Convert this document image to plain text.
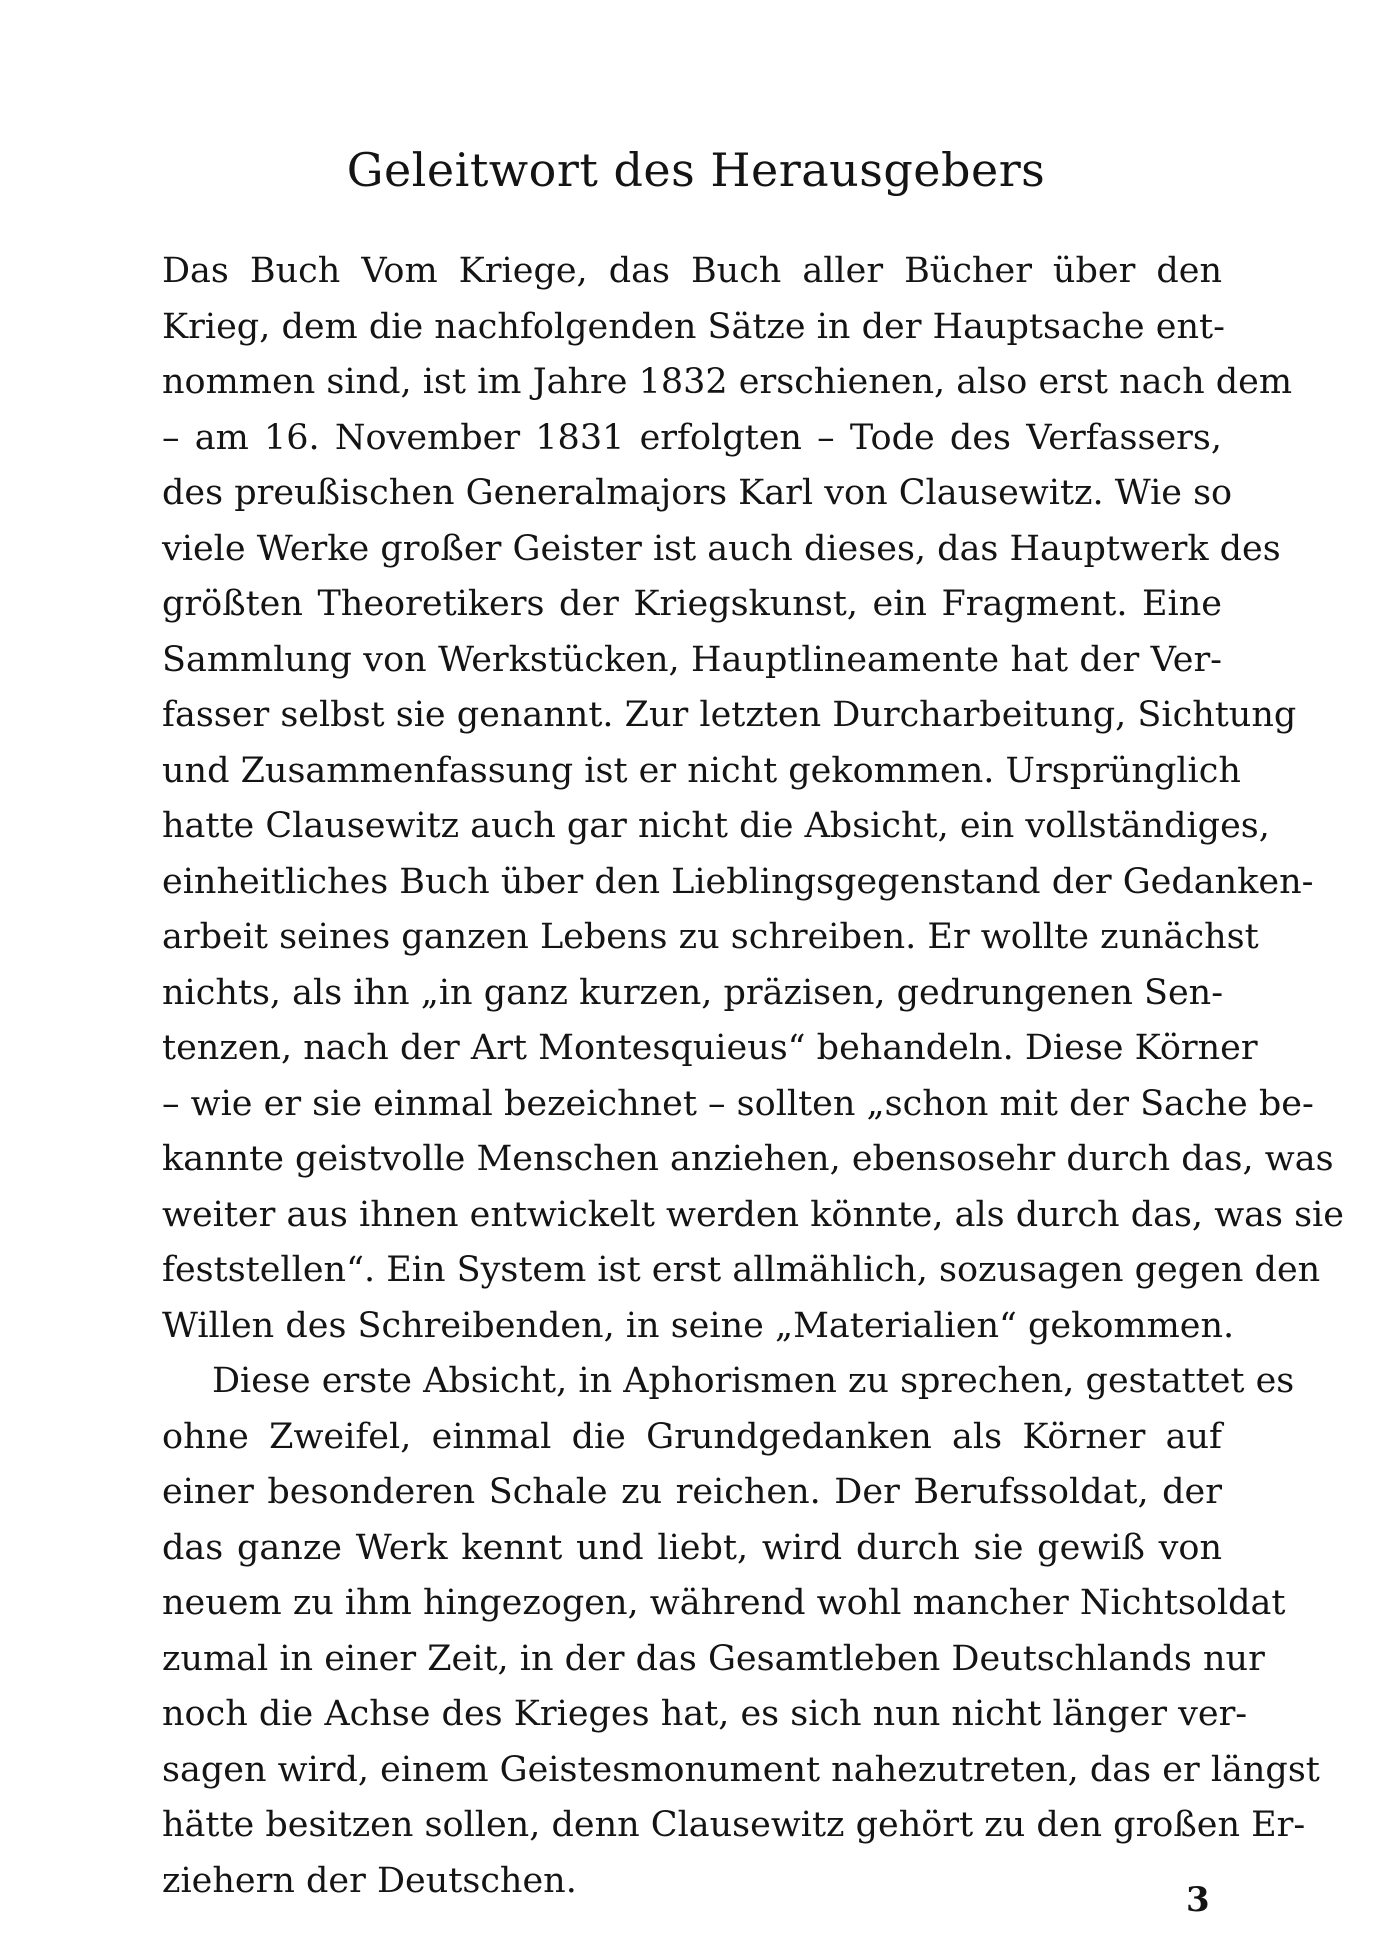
Geleitwort des Herausgebers
Das Buch Vom Kriege, das Buch aller Bücher über den
Krieg, dem die nachfolgenden Sätze in der Hauptsache ent-
nommen sind, ist im Jahre 1832 erschienen, also erst nach dem
– am 16. November 1831 erfolgten – Tode des Verfassers,
des preußischen Generalmajors Karl von Clausewitz. Wie so
viele Werke großer Geister ist auch dieses, das Hauptwerk des
größten Theoretikers der Kriegskunst, ein Fragment. Eine
Sammlung von Werkstücken, Hauptlineamente hat der Ver-
fasser selbst sie genannt. Zur letzten Durcharbeitung, Sichtung
und Zusammenfassung ist er nicht gekommen. Ursprünglich
hatte Clausewitz auch gar nicht die Absicht, ein vollständiges,
einheitliches Buch über den Lieblingsgegenstand der Gedanken-
arbeit seines ganzen Lebens zu schreiben. Er wollte zunächst
nichts, als ihn „in ganz kurzen, präzisen, gedrungenen Sen-
tenzen, nach der Art Montesquieus“ behandeln. Diese Körner
– wie er sie einmal bezeichnet – sollten „schon mit der Sache be-
kannte geistvolle Menschen anziehen, ebensosehr durch das, was
weiter aus ihnen entwickelt werden könnte, als durch das, was sie
feststellen“. Ein System ist erst allmählich, sozusagen gegen den
Willen des Schreibenden, in seine „Materialien“ gekommen.
Diese erste Absicht, in Aphorismen zu sprechen, gestattet es
ohne Zweifel, einmal die Grundgedanken als Körner auf
einer besonderen Schale zu reichen. Der Berufssoldat, der
das ganze Werk kennt und liebt, wird durch sie gewiß von
neuem zu ihm hingezogen, während wohl mancher Nichtsoldat
zumal in einer Zeit, in der das Gesamtleben Deutschlands nur
noch die Achse des Krieges hat, es sich nun nicht länger ver-
sagen wird, einem Geistesmonument nahezutreten, das er längst
hätte besitzen sollen, denn Clausewitz gehört zu den großen Er-
ziehern der Deutschen.	3
